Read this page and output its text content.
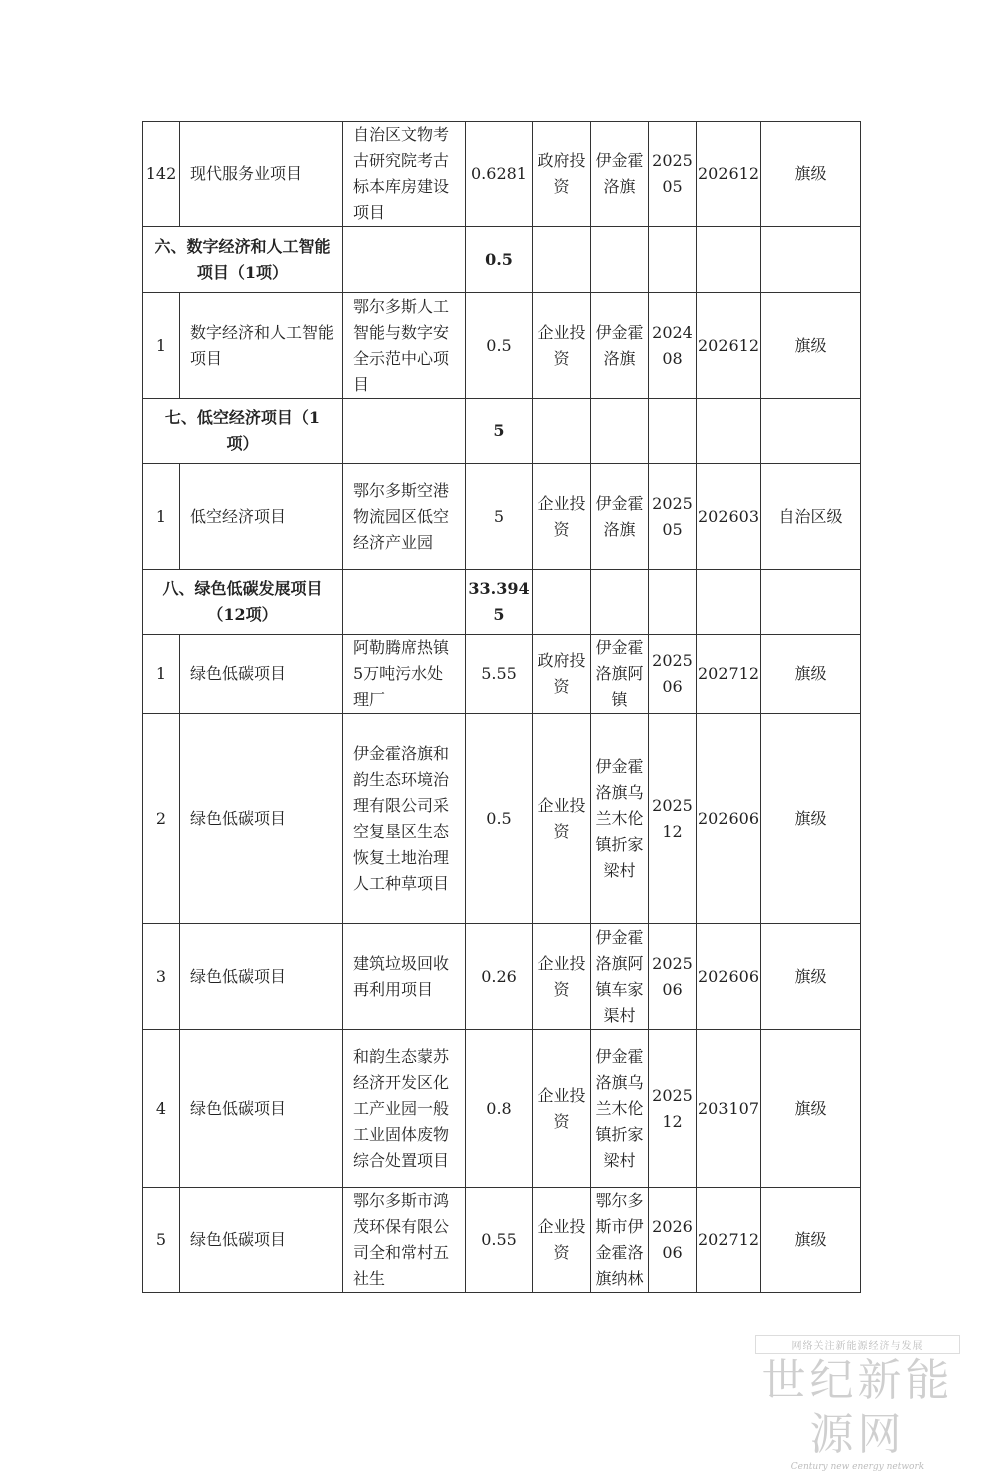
142	现代服务业项目	自治区文物考古研究院考古标本库房建设项目	0.6281	政府投资	伊金霍洛旗	202505	202612	旗级
六、数字经济和人工智能项目（1项）			0.5					
1	数字经济和人工智能项目	鄂尔多斯人工智能与数字安全示范中心项目	0.5	企业投资	伊金霍洛旗	202408	202612	旗级
七、低空经济项目（1项）			5					
1	低空经济项目	鄂尔多斯空港物流园区低空经济产业园	5	企业投资	伊金霍洛旗	202505	202603	自治区级
八、绿色低碳发展项目（12项）			33.3945					
1	绿色低碳项目	阿勒腾席热镇5万吨污水处理厂	5.55	政府投资	伊金霍洛旗阿镇	202506	202712	旗级
2	绿色低碳项目	伊金霍洛旗和韵生态环境治理有限公司采空复垦区生态恢复土地治理人工种草项目	0.5	企业投资	伊金霍洛旗乌兰木伦镇折家梁村	202512	202606	旗级
3	绿色低碳项目	建筑垃圾回收再利用项目	0.26	企业投资	伊金霍洛旗阿镇车家渠村	202506	202606	旗级
4	绿色低碳项目	和韵生态蒙苏经济开发区化工产业园一般工业固体废物综合处置项目	0.8	企业投资	伊金霍洛旗乌兰木伦镇折家梁村	202512	203107	旗级
5	绿色低碳项目	鄂尔多斯市鸿茂环保有限公司全和常村五社生	0.55	企业投资	鄂尔多斯市伊金霍洛旗纳林	202606	202712	旗级
网络关注新能源经济与发展
世纪新能源网
Century new energy network
